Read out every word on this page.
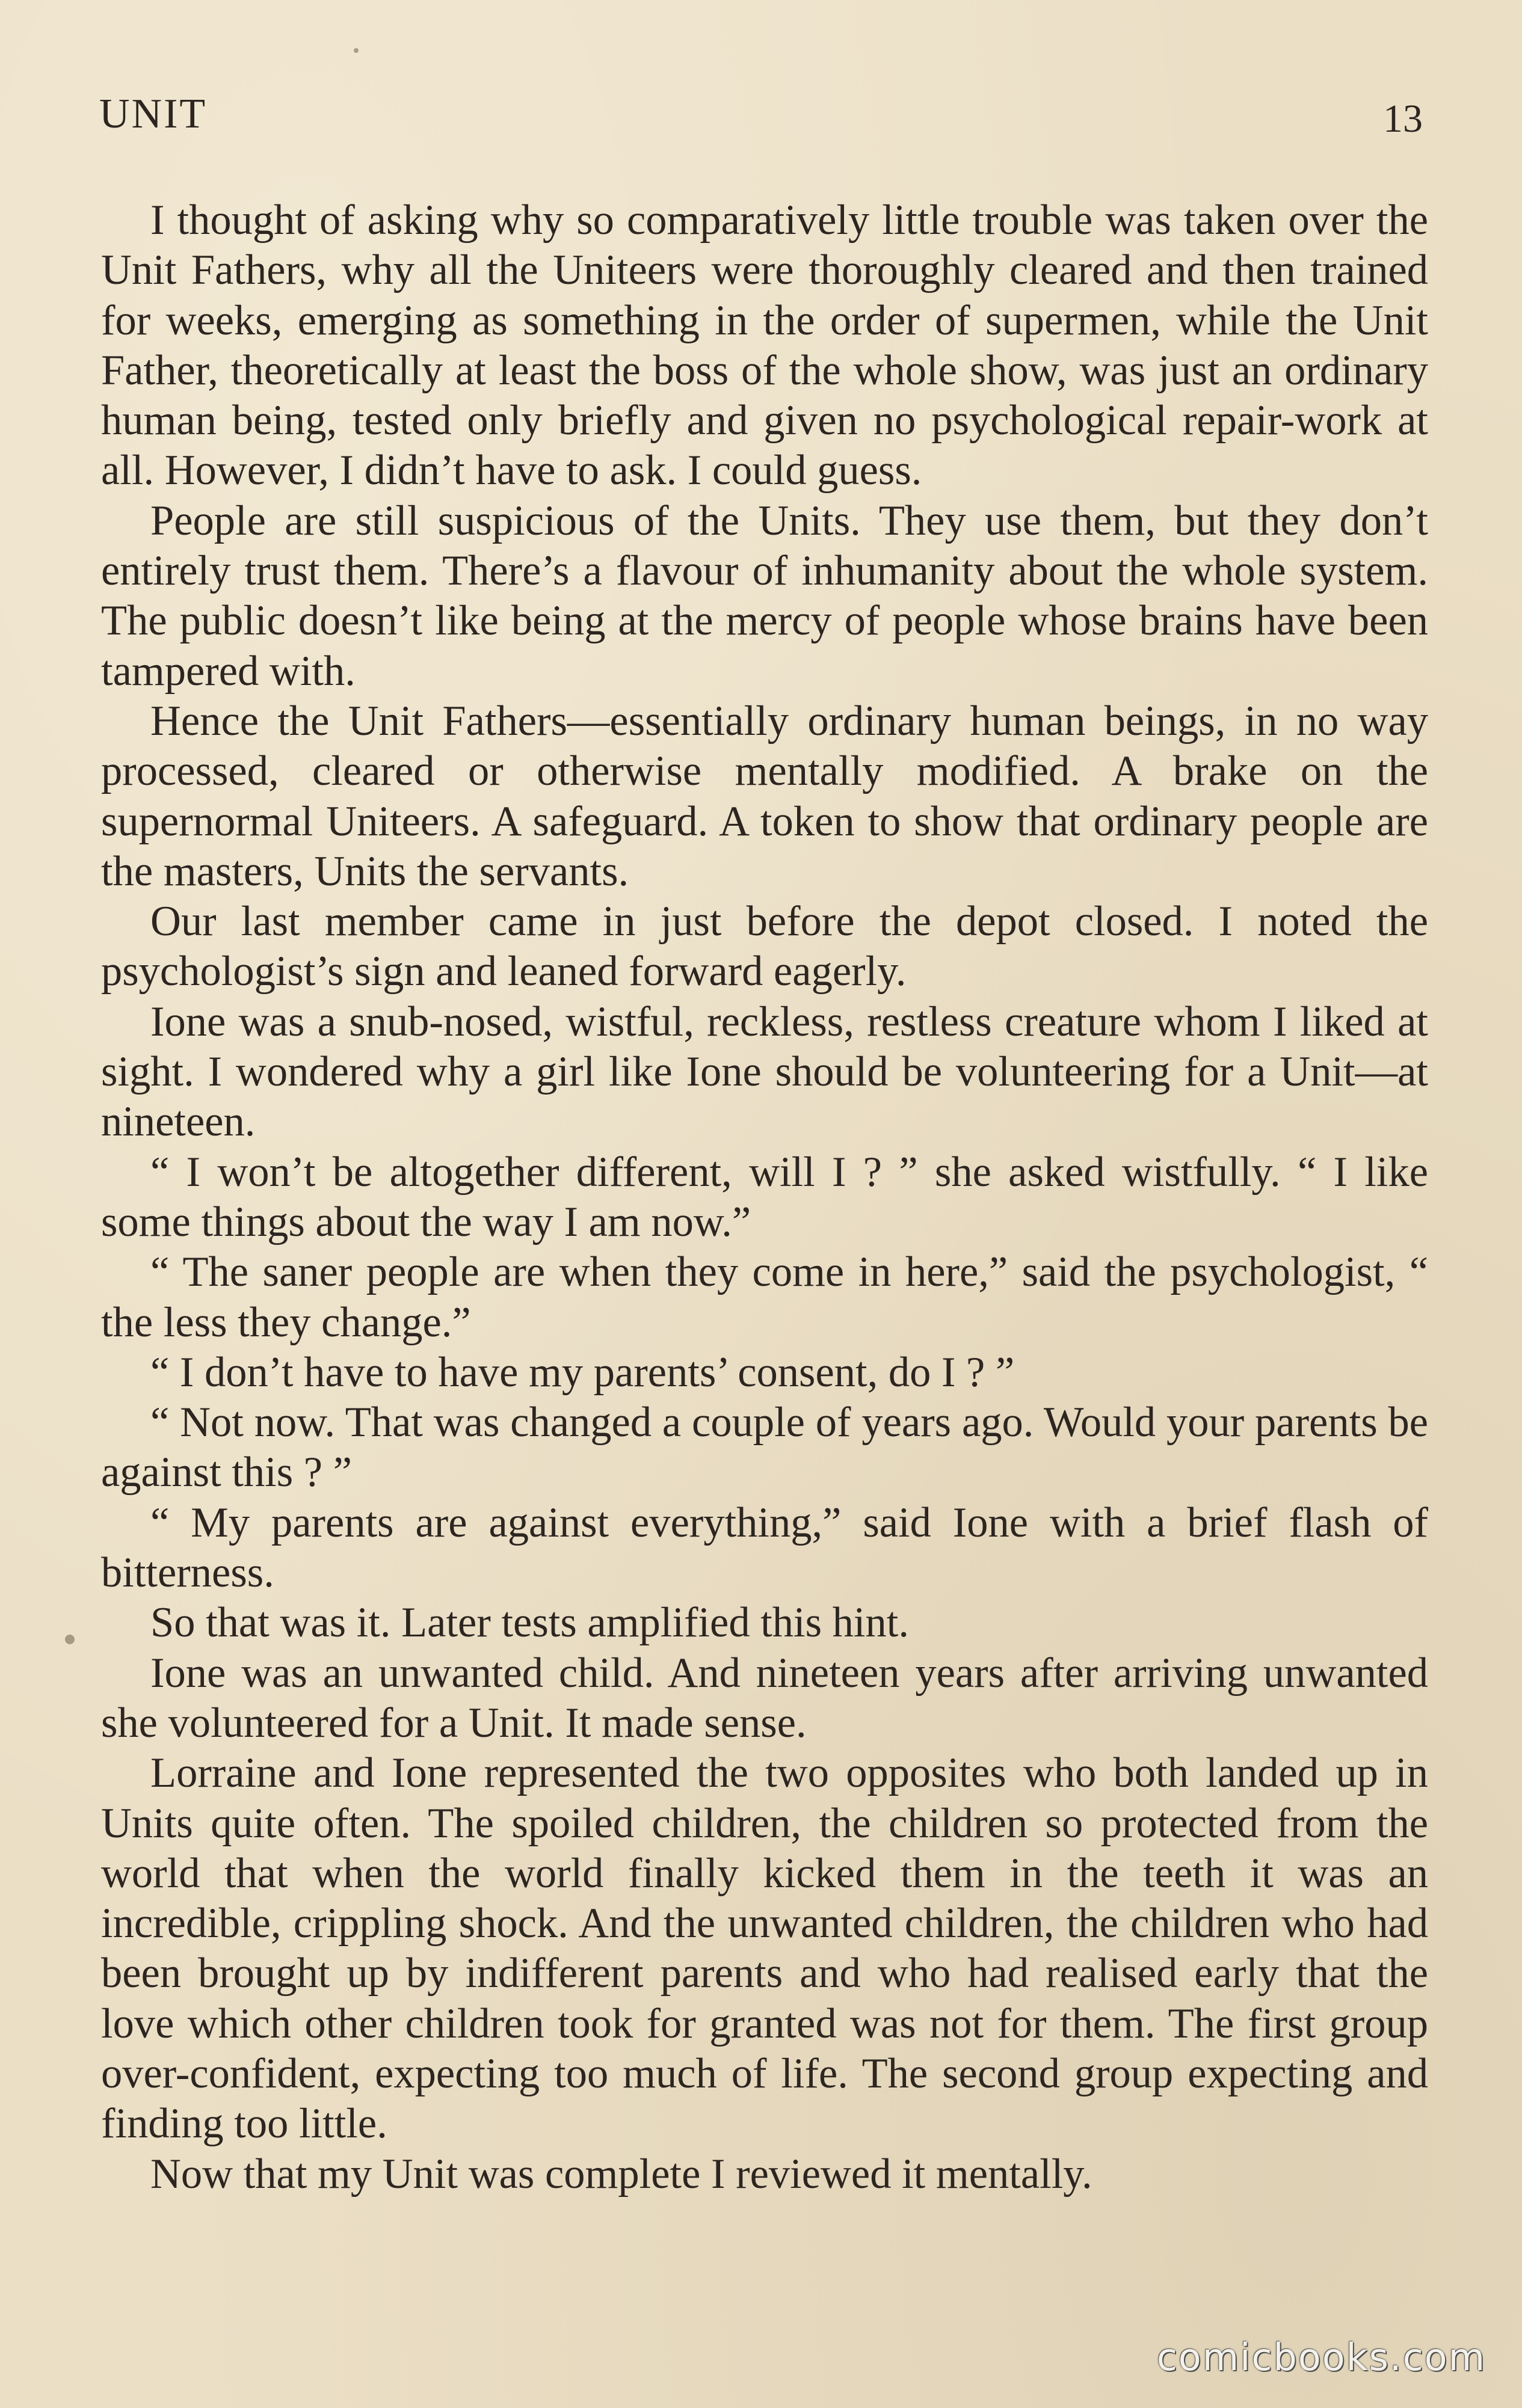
UNIT	13

I thought of asking why so comparatively little trouble was taken over the Unit Fathers, why all the Uniteers were thoroughly cleared and then trained for weeks, emerging as something in the order of supermen, while the Unit Father, theoretically at least the boss of the whole show, was just an ordinary human being, tested only briefly and given no psychological repair-work at all. However, I didn’t have to ask. I could guess.

People are still suspicious of the Units. They use them, but they don’t entirely trust them. There’s a flavour of inhumanity about the whole system. The public doesn’t like being at the mercy of people whose brains have been tampered with.

Hence the Unit Fathers—essentially ordinary human beings, in no way processed, cleared or otherwise mentally modified. A brake on the supernormal Uniteers. A safeguard. A token to show that ordinary people are the masters, Units the servants.

Our last member came in just before the depot closed. I noted the psychologist’s sign and leaned forward eagerly.

Ione was a snub-nosed, wistful, reckless, restless creature whom I liked at sight. I wondered why a girl like Ione should be volunteering for a Unit—at nineteen.

“ I won’t be altogether different, will I ? ” she asked wistfully. “ I like some things about the way I am now.”

“ The saner people are when they come in here,” said the psychologist, “ the less they change.”

“ I don’t have to have my parents’ consent, do I ? ”

“ Not now. That was changed a couple of years ago. Would your parents be against this ? ”

“ My parents are against everything,” said Ione with a brief flash of bitterness.

So that was it. Later tests amplified this hint.

Ione was an unwanted child. And nineteen years after arriving unwanted she volunteered for a Unit. It made sense.

Lorraine and Ione represented the two opposites who both landed up in Units quite often. The spoiled children, the children so protected from the world that when the world finally kicked them in the teeth it was an incredible, crippling shock. And the unwanted children, the children who had been brought up by indifferent parents and who had realised early that the love which other children took for granted was not for them. The first group over-confident, expecting too much of life. The second group expecting and finding too little.

Now that my Unit was complete I reviewed it mentally.

comicbooks.com
